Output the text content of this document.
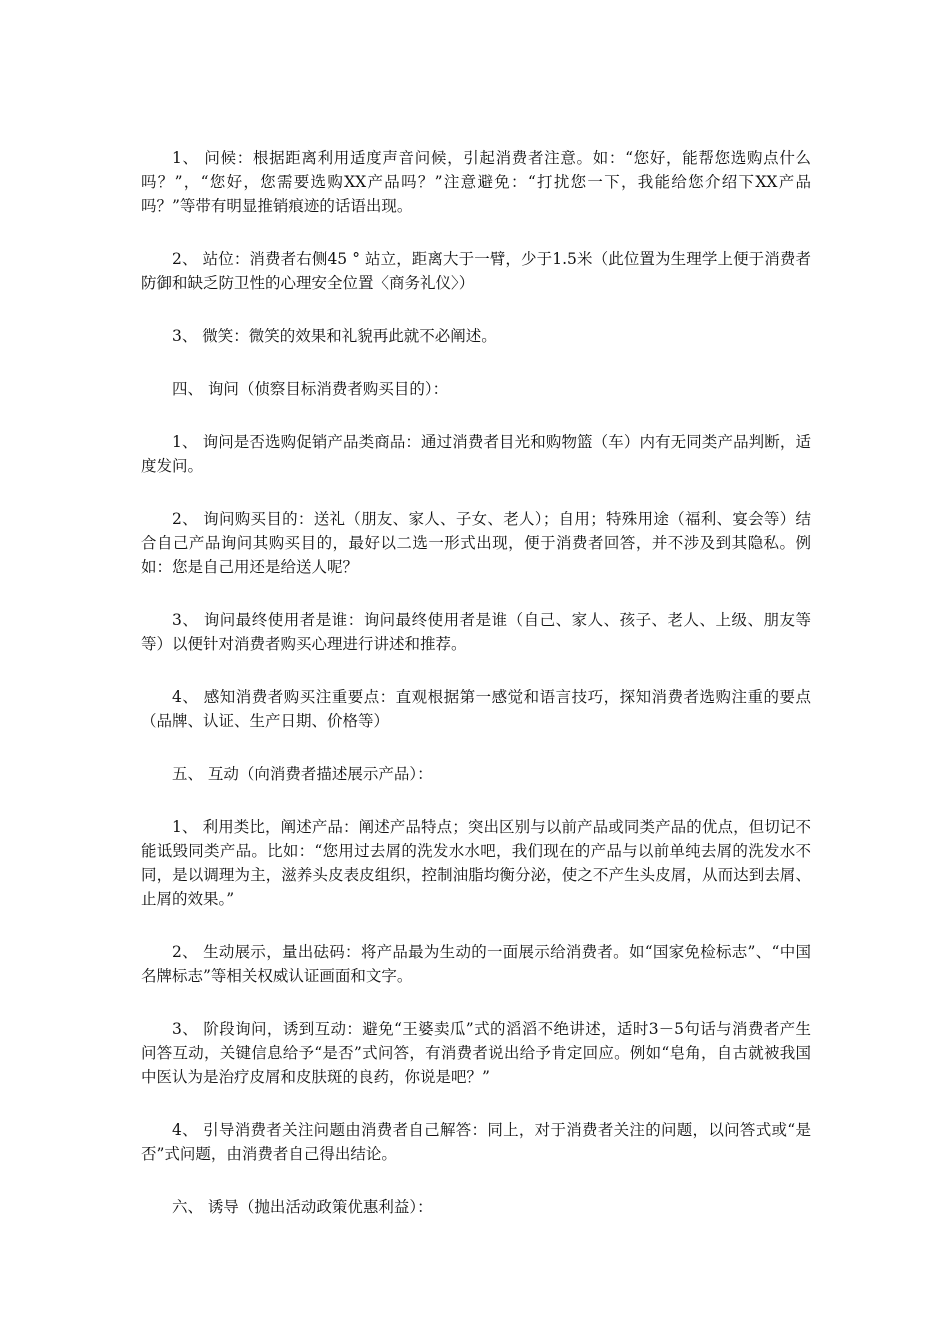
1、 问候：根据距离利用适度声音问候，引起消费者注意。如：“您好，能帮您选购点什么吗？”，“您好，您需要选购XX产品吗？”注意避免：“打扰您一下，我能给您介绍下XX产品吗？”等带有明显推销痕迹的话语出现。

2、 站位：消费者右侧45 ° 站立，距离大于一臂，少于1.5米（此位置为生理学上便于消费者防御和缺乏防卫性的心理安全位置〈商务礼仪〉）

3、 微笑：微笑的效果和礼貌再此就不必阐述。

四、 询问（侦察目标消费者购买目的）：

1、 询问是否选购促销产品类商品：通过消费者目光和购物篮（车）内有无同类产品判断，适度发问。

2、 询问购买目的：送礼（朋友、家人、子女、老人）；自用；特殊用途（福利、宴会等）结合自己产品询问其购买目的，最好以二选一形式出现，便于消费者回答，并不涉及到其隐私。例如：您是自己用还是给送人呢？

3、 询问最终使用者是谁：询问最终使用者是谁（自己、家人、孩子、老人、上级、朋友等等）以便针对消费者购买心理进行讲述和推荐。

4、 感知消费者购买注重要点：直观根据第一感觉和语言技巧，探知消费者选购注重的要点（品牌、认证、生产日期、价格等）

五、 互动（向消费者描述展示产品）：

1、 利用类比，阐述产品：阐述产品特点；突出区别与以前产品或同类产品的优点，但切记不能诋毁同类产品。比如：“您用过去屑的洗发水水吧，我们现在的产品与以前单纯去屑的洗发水不同，是以调理为主，滋养头皮表皮组织，控制油脂均衡分泌，使之不产生头皮屑，从而达到去屑、止屑的效果。”

2、 生动展示，量出砝码：将产品最为生动的一面展示给消费者。如“国家免检标志”、“中国名牌标志”等相关权威认证画面和文字。

3、 阶段询问，诱到互动：避免“王婆卖瓜”式的滔滔不绝讲述，适时3－5句话与消费者产生问答互动，关键信息给予“是否”式问答，有消费者说出给予肯定回应。例如“皂角，自古就被我国中医认为是治疗皮屑和皮肤斑的良药，你说是吧？”

4、 引导消费者关注问题由消费者自己解答：同上，对于消费者关注的问题，以问答式或“是否”式问题，由消费者自己得出结论。

六、 诱导（抛出活动政策优惠利益）：
